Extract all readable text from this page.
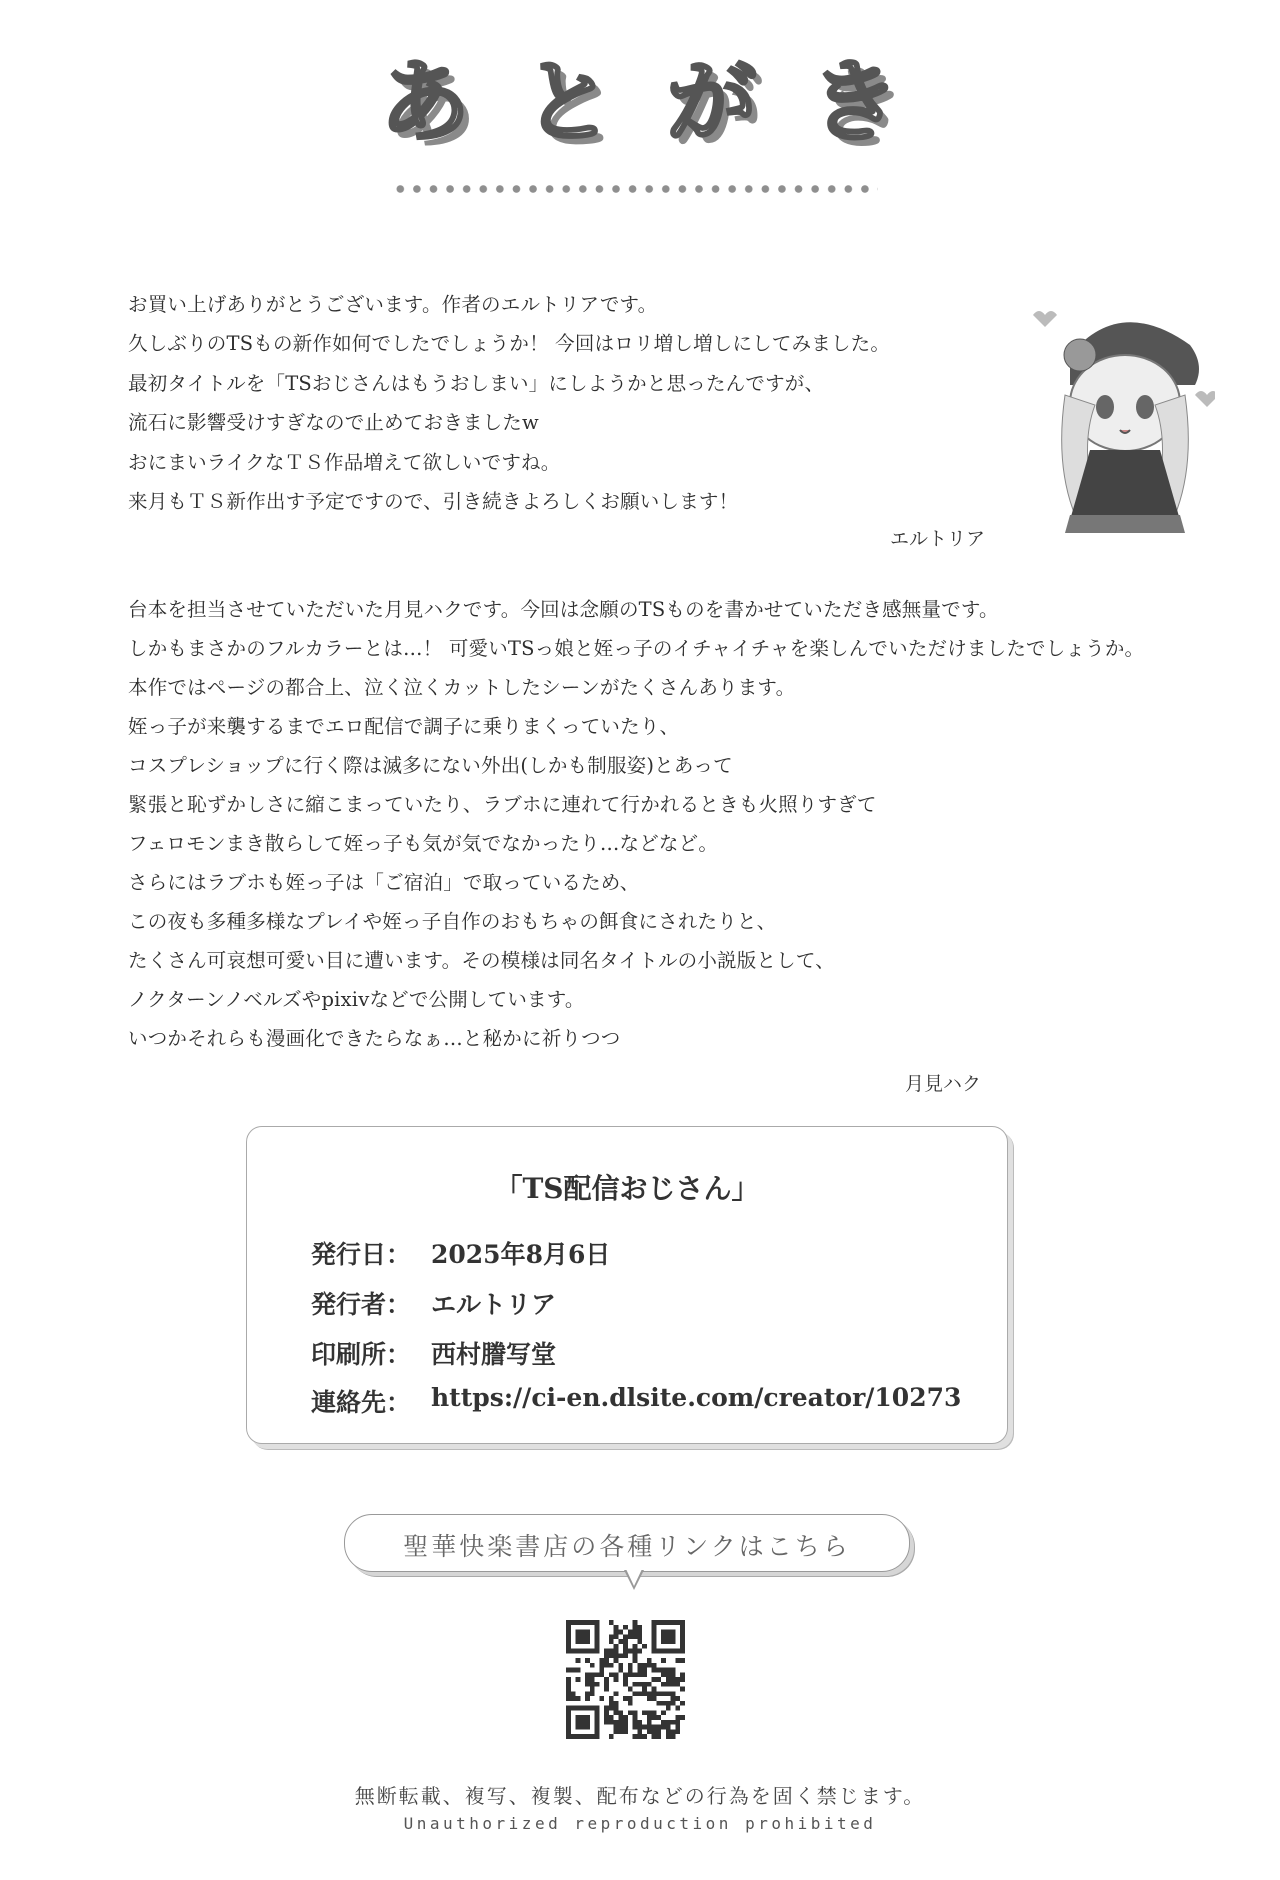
あ と が き
お買い上げありがとうございます。作者のエルトリアです。
久しぶりのTSもの新作如何でしたでしょうか！ 今回はロリ増し増しにしてみました。
最初タイトルを「TSおじさんはもうおしまい」にしようかと思ったんですが、
流石に影響受けすぎなので止めておきましたw
おにまいライクなＴＳ作品増えて欲しいですね。
来月もＴＳ新作出す予定ですので、引き続きよろしくお願いします！
エルトリア
台本を担当させていただいた月見ハクです。今回は念願のTSものを書かせていただき感無量です。
しかもまさかのフルカラーとは…！ 可愛いTSっ娘と姪っ子のイチャイチャを楽しんでいただけましたでしょうか。
本作ではページの都合上、泣く泣くカットしたシーンがたくさんあります。
姪っ子が来襲するまでエロ配信で調子に乗りまくっていたり、
コスプレショップに行く際は滅多にない外出(しかも制服姿)とあって
緊張と恥ずかしさに縮こまっていたり、ラブホに連れて行かれるときも火照りすぎて
フェロモンまき散らして姪っ子も気が気でなかったり…などなど。
さらにはラブホも姪っ子は「ご宿泊」で取っているため、
この夜も多種多様なプレイや姪っ子自作のおもちゃの餌食にされたりと、
たくさん可哀想可愛い目に遭います。その模様は同名タイトルの小説版として、
ノクターンノベルズやpixivなどで公開しています。
いつかそれらも漫画化できたらなぁ…と秘かに祈りつつ
月見ハク
「TS配信おじさん」
発行日： 2025年8月6日
発行者： エルトリア
印刷所： 西村謄写堂
連絡先： https://ci-en.dlsite.com/creator/10273
聖華快楽書店の各種リンクはこちら
無断転載、複写、複製、配布などの行為を固く禁じます。
Unauthorized reproduction prohibited
